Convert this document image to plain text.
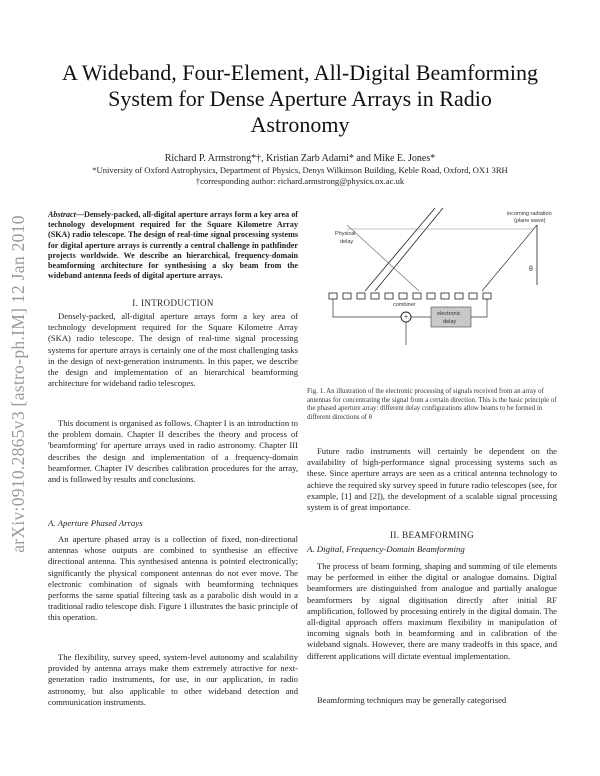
A Wideband, Four-Element, All-Digital Beamforming System for Dense Aperture Arrays in Radio Astronomy
Richard P. Armstrong*†, Kristian Zarb Adami* and Mike E. Jones*
*University of Oxford Astrophysics, Department of Physics, Denys Wilkinson Building, Keble Road, Oxford, OX1 3RH
†corresponding author: richard.armstrong@physics.ox.ac.uk
arXiv:0910.2865v3 [astro-ph.IM] 12 Jan 2010
Abstract—Densely-packed, all-digital aperture arrays form a key area of technology development required for the Square Kilometre Array (SKA) radio telescope. The design of real-time signal processing systems for digital aperture arrays is currently a central challenge in pathfinder projects worldwide. We describe an hierarchical, frequency-domain beamforming architecture for synthesising a sky beam from the wideband antenna feeds of digital aperture arrays.
I. INTRODUCTION

Densely-packed, all-digital aperture arrays form a key area of technology development required for the Square Kilometre Array (SKA) radio telescope. The design of real-time signal processing systems for aperture arrays is certainly one of the most challenging tasks in the design of next-generation instruments. In this paper, we describe the design and implementation of an hierarchical beamforming architecture for wideband radio telescopes.

This document is organised as follows. Chapter I is an introduction to the problem domain. Chapter II describes the theory and process of 'beamforming' for aperture arrays used in radio astronomy. Chapter III describes the design and implementation of a frequency-domain beamformer. Chapter IV describes calibration procedures for the array, and is followed by results and conclusions.

A. Aperture Phased Arrays

An aperture phased array is a collection of fixed, non-directional antennas whose outputs are combined to synthesise an effective directional antenna. This synthesised antenna is pointed electronically; significantly the physical component antennas do not ever move. The electronic combination of signals with beamforming techniques performs the same spatial filtering task as a parabolic dish would in a traditional radio telescope dish. Figure 1 illustrates the basic principle of this operation.

The flexibility, survey speed, system-level autonomy and scalability provided by antenna arrays make them extremely attractive for next-generation radio instruments, for use, in our application, in radio astronomy, but also applicable to other wideband detection and communication instruments.

+	electronic
delay
combiner
Physical
delay
incoming radiation
(plane wave)
θ
Fig. 1. An illustration of the electronic processing of signals received from an array of antennas for concentrating the signal from a certain direction. This is the basic principle of the phased aperture array: different delay configurations allow beams to be formed in different directions of θ

Future radio instruments will certainly be dependent on the availability of high-performance signal processing systems such as these. Since aperture arrays are seen as a critical antenna technology to achieve the required sky survey speed in future radio telescopes (see, for example, [1] and [2]), the development of a scalable signal processing system is of great importance.

II. BEAMFORMING
A. Digital, Frequency-Domain Beamforming

The process of beam forming, shaping and summing of tile elements may be performed in either the digital or analogue domains. Digital beamformers are distinguished from analogue and partially analogue beamformers by signal digitisation directly after initial RF amplification, followed by processing entirely in the digital domain. The all-digital approach offers maximum flexibility in manipulation of incoming signals both in beamforming and in calibration of the wideband signals. However, there are many tradeoffs in this space, and different applications will dictate eventual implementation.

Beamforming techniques may be generally categorised
